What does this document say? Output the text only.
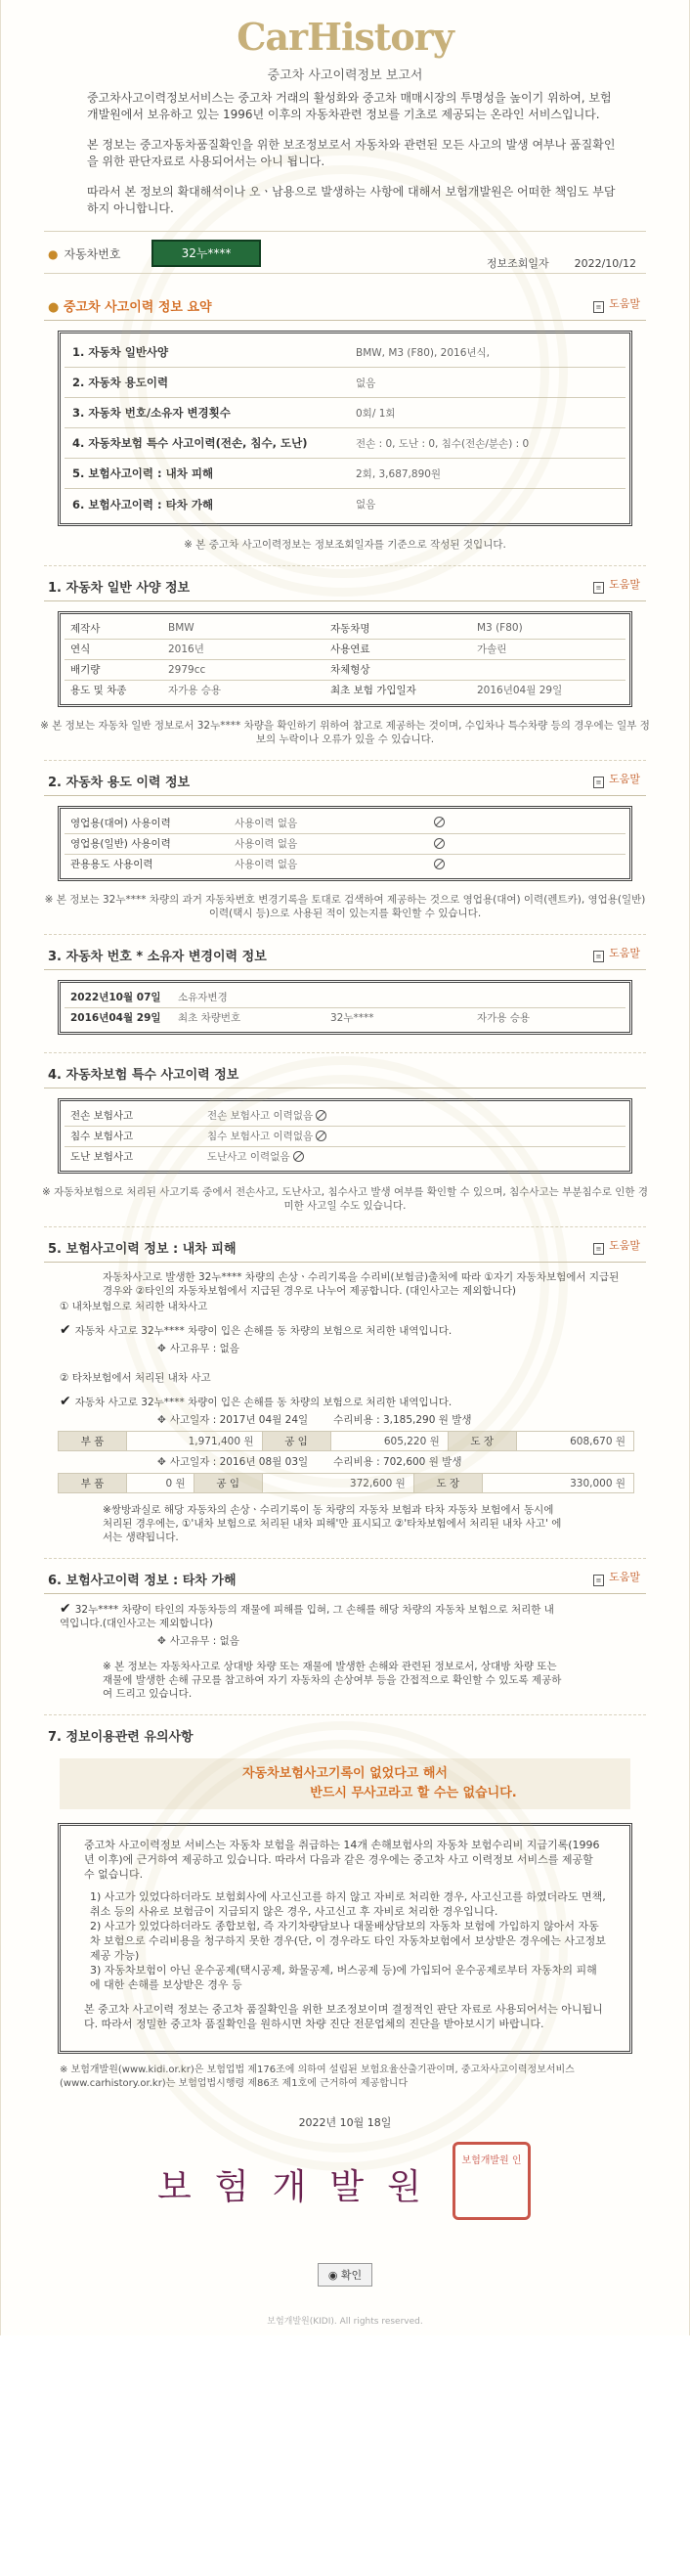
CarHistory
중고차 사고이력정보 보고서

중고차사고이력정보서비스는 중고차 거래의 활성화와 중고차 매매시장의 투명성을 높이기 위하여, 보험개발원에서 보유하고 있는 1996년 이후의 자동차관련 정보를 기초로 제공되는 온라인 서비스입니다.

본 정보는 중고자동차품질확인을 위한 보조정보로서 자동차와 관련된 모든 사고의 발생 여부나 품질확인을 위한 판단자료로 사용되어서는 아니 됩니다.

따라서 본 정보의 확대해석이나 오ㆍ남용으로 발생하는 사항에 대해서 보험개발원은 어떠한 책임도 부담하지 아니합니다.

● 자동차번호	32누****
정보조회일자 2022/10/12
● 중고차 사고이력 정보 요약	≡ 도움말
1. 자동차 일반사양	BMW, M3 (F80), 2016년식,
2. 자동차 용도이력	없음
3. 자동차 번호/소유자 변경횟수	0회/ 1회
4. 자동차보험 특수 사고이력(전손, 침수, 도난)	전손 : 0, 도난 : 0, 침수(전손/분손) : 0
5. 보험사고이력 : 내차 피해	2회, 3,687,890원
6. 보험사고이력 : 타차 가해	없음
※ 본 중고차 사고이력정보는 정보조회일자를 기준으로 작성된 것입니다.
1. 자동차 일반 사양 정보	≡ 도움말
제작사	BMW	자동차명	M3 (F80)
연식	2016년	사용연료	가솔린
배기량	2979cc	차체형상	
용도 및 차종	자가용 승용	최초 보험 가입일자	2016년04월 29일
※ 본 정보는 자동차 일반 정보로서 32누**** 차량을 확인하기 위하여 참고로 제공하는 것이며, 수입차나 특수차량 등의 경우에는 일부 정보의 누락이나 오류가 있을 수 있습니다.
2. 자동차 용도 이력 정보	≡ 도움말
영업용(대여) 사용이력	사용이력 없음	
영업용(일반) 사용이력	사용이력 없음	
관용용도 사용이력	사용이력 없음	
※ 본 정보는 32누**** 차량의 과거 자동차번호 변경기록을 토대로 검색하여 제공하는 것으로 영업용(대여) 이력(렌트카), 영업용(일반) 이력(택시 등)으로 사용된 적이 있는지를 확인할 수 있습니다.
3. 자동차 번호 * 소유자 변경이력 정보	≡ 도움말
2022년10월 07일	소유자변경		
2016년04월 29일	최초 차량번호	32누****	자가용 승용
4. 자동차보험 특수 사고이력 정보
전손 보험사고	전손 보험사고 이력없음
침수 보험사고	침수 보험사고 이력없음
도난 보험사고	도난사고 이력없음
※ 자동차보험으로 처리된 사고기록 중에서 전손사고, 도난사고, 침수사고 발생 여부를 확인할 수 있으며, 침수사고는 부분침수로 인한 경미한 사고일 수도 있습니다.
5. 보험사고이력 정보 : 내차 피해	≡ 도움말
자동차사고로 발생한 32누**** 차량의 손상ㆍ수리기록을 수리비(보험금)출처에 따라 ①자기 자동차보험에서 지급된 경우와 ②타인의 자동차보험에서 지급된 경우로 나누어 제공합니다. (대인사고는 제외합니다)
① 내차보험으로 처리한 내차사고
✔ 자동차 사고로 32누**** 차량이 입은 손해를 동 차량의 보험으로 처리한 내역입니다.
✥ 사고유무 : 없음
② 타차보험에서 처리된 내차 사고
✔ 자동차 사고로 32누**** 차량이 입은 손해를 동 차량의 보험으로 처리한 내역입니다.
✥ 사고일자 : 2017년 04월 24일 수리비용 : 3,185,290 원 발생
부 품	1,971,400 원	공 임	605,220 원	도 장	608,670 원
✥ 사고일자 : 2016년 08월 03일 수리비용 : 702,600 원 발생
부 품	0 원	공 임	372,600 원	도 장	330,000 원
※쌍방과실로 해당 자동차의 손상ㆍ수리기록이 동 차량의 자동차 보험과 타차 자동차 보험에서 동시에 처리된 경우에는, ①'내차 보험으로 처리된 내차 피해'만 표시되고 ②'타차보험에서 처리된 내차 사고' 에서는 생략됩니다.
6. 보험사고이력 정보 : 타차 가해	≡ 도움말
✔ 32누**** 차량이 타인의 자동차등의 재물에 피해를 입혀, 그 손해를 해당 차량의 자동차 보험으로 처리한 내역입니다.(대인사고는 제외합니다)
✥ 사고유무 : 없음
※ 본 정보는 자동차사고로 상대방 차량 또는 재물에 발생한 손해와 관련된 정보로서, 상대방 차량 또는 재물에 발생한 손해 규모를 참고하여 자기 자동차의 손상여부 등을 간접적으로 확인할 수 있도록 제공하여 드리고 있습니다.
7. 정보이용관련 유의사항
자동차보험사고기록이 없었다고 해서
반드시 무사고라고 할 수는 없습니다.

중고차 사고이력정보 서비스는 자동차 보험을 취급하는 14개 손해보험사의 자동차 보험수리비 지급기록(1996년 이후)에 근거하여 제공하고 있습니다. 따라서 다음과 같은 경우에는 중고차 사고 이력정보 서비스를 제공할 수 없습니다.

1) 사고가 있었다하더라도 보험회사에 사고신고를 하지 않고 자비로 처리한 경우, 사고신고를 하였더라도 면책, 취소 등의 사유로 보험금이 지급되지 않은 경우, 사고신고 후 자비로 처리한 경우입니다.
2) 사고가 있었다하더라도 종합보험, 즉 자기차량담보나 대물배상담보의 자동차 보험에 가입하지 않아서 자동차 보험으로 수리비용을 청구하지 못한 경우(단, 이 경우라도 타인 자동차보험에서 보상받은 경우에는 사고정보 제공 가능)
3) 자동차보험이 아닌 운수공제(택시공제, 화물공제, 버스공제 등)에 가입되어 운수공제로부터 자동차의 피해에 대한 손해를 보상받은 경우 등

본 중고차 사고이력 정보는 중고차 품질확인을 위한 보조정보이며 결정적인 판단 자료로 사용되어서는 아니됩니다. 따라서 정밀한 중고차 품질확인을 원하시면 차량 진단 전문업체의 진단을 받아보시기 바랍니다.

※ 보험개발원(www.kidi.or.kr)은 보험업법 제176조에 의하여 설립된 보험요율산출기관이며, 중고차사고이력정보서비스(www.carhistory.or.kr)는 보험업법시행령 제86조 제1호에 근거하여 제공합니다
2022년 10월 18일
보험개발원
보험개발원 인
◉ 확인
보험개발원(KIDI). All rights reserved.
